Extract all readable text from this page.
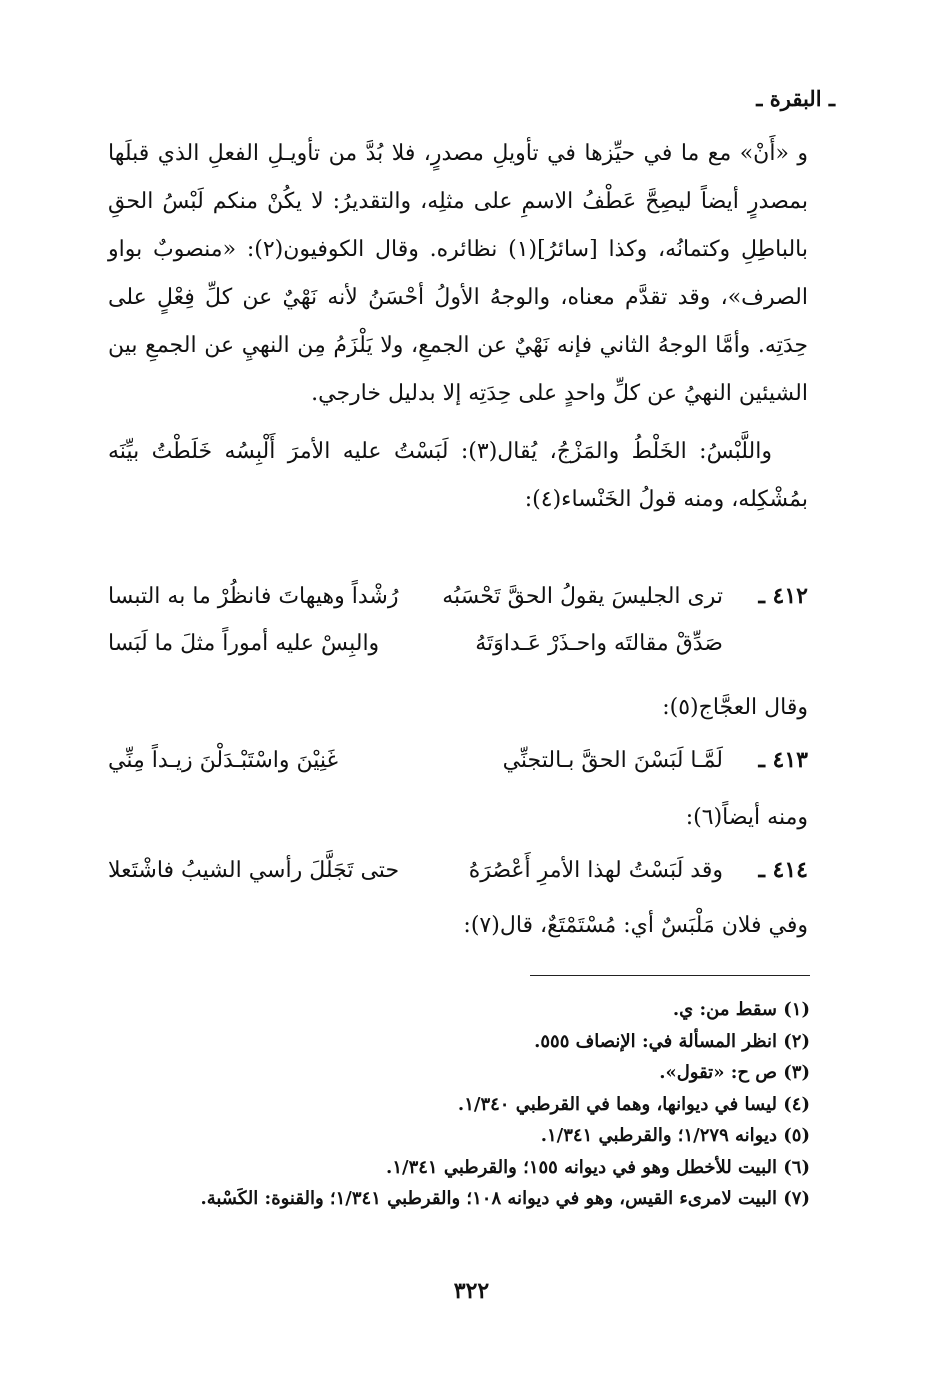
ـ البقرة ـ

و «أَنْ» مع ما في حيِّزها في تأويلِ مصدرٍ، فلا بُدَّ من تأويـلِ الفعلِ الذي قبلَها بمصدرٍ أيضاً ليصِحَّ عَطْفُ الاسمِ على مثلِه، والتقديرُ: لا يكُنْ منكم لَبْسُ الحقِ بالباطِلِ وكتمانُه، وكذا [سائرُ](١) نظائره. وقال الكوفيون(٢): «منصوبٌ بواو الصرف»، وقد تقدَّم معناه، والوجهُ الأولُ أحْسَنُ لأنه نَهْيٌ عن كلِّ فِعْلٍ على حِدَتِه. وأمَّا الوجهُ الثاني فإنه نَهْيٌ عن الجمعِ، ولا يَلْزَمُ مِن النهيِ عن الجمعِ بين الشيئين النهيُ عن كلِّ واحدٍ على حِدَتِه إلا بدليل خارجي.

واللَّبْسُ: الخَلْطُ والمَزْجُ، يُقال(٣): لَبَسْتُ عليه الأمرَ أَلْبِسُه خَلَطْتُ بيِّنَه بمُشْكِله، ومنه قولُ الخَنْساء(٤):

٤١٢ ـ
ترى الجليسَ يقولُ الحقَّ تَحْسَبُه
رُشْداً وهيهاتَ فانظُرْ ما به التبسا
صَدِّقْ مقالتَه واحـذَرْ عَـداوَتَهُ
والبِسْ عليه أموراً مثلَ ما لَبَسا
وقال العجَّاج(٥):
٤١٣ ـ
لَمَّـا لَبَسْنَ الحقَّ بـالتجنِّي
غَنِيْنَ واسْتَبْـدَلْنَ زيـداً مِنِّي
ومنه أيضاً(٦):
٤١٤ ـ
وقد لَبَسْتُ لهذا الأمرِ أَعْصُرَهُ
حتى تَجَلَّلَ رأسي الشيبُ فاشْتَعلا
وفي فلان مَلْبَسٌ أي: مُسْتَمْتَعٌ، قال(٧):
(١) سقط من: ي.
(٢) انظر المسألة في: الإنصاف ٥٥٥.
(٣) ص ح: «تقول».
(٤) ليسا في ديوانها، وهما في القرطبي ١/٣٤٠.
(٥) ديوانه ١/٢٧٩؛ والقرطبي ١/٣٤١.
(٦) البيت للأخطل وهو في ديوانه ١٥٥؛ والقرطبي ١/٣٤١.
(٧) البيت لامرىء القيس، وهو في ديوانه ١٠٨؛ والقرطبي ١/٣٤١؛ والقنوة: الكَسْبة.
٣٢٢
